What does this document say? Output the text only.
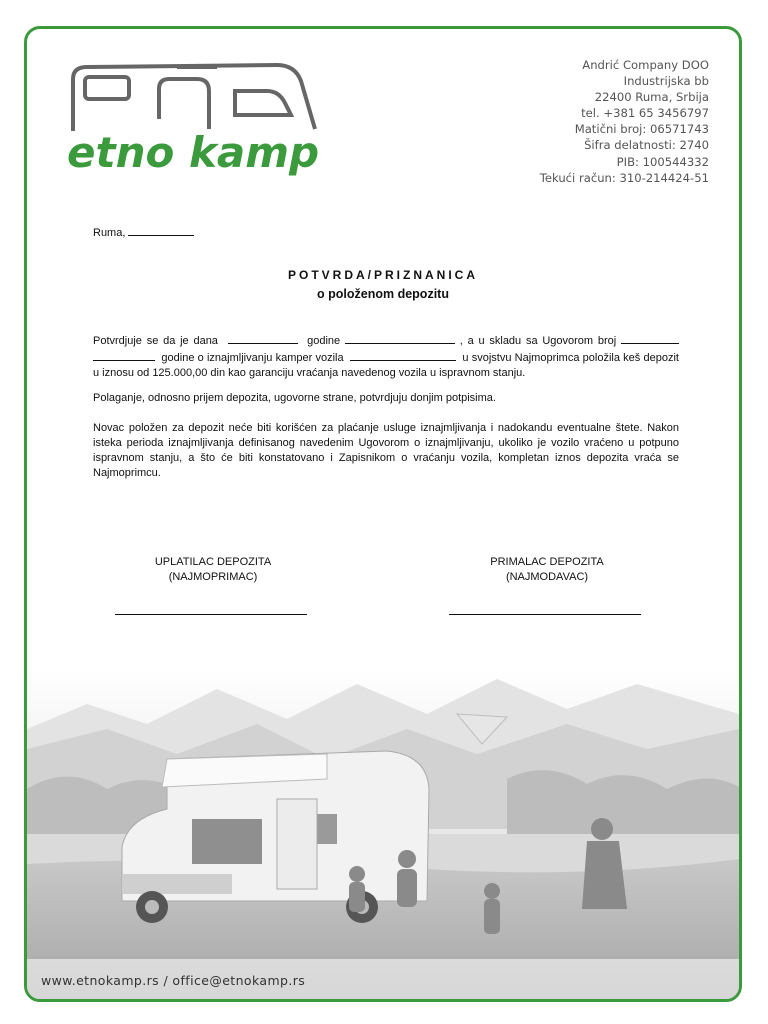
etno kamp
Andrić Company DOO
Industrijska bb
22400 Ruma, Srbija
tel. +381 65 3456797
Matični broj: 06571743
Šifra delatnosti: 2740
PIB: 100544332
Tekući račun: 310-214424-51
Ruma,
POTVRDA/PRIZNANICA
o položenom depozitu
Potvrdjuje se da je dana	godine	, a u skladu sa Ugovorom broj    godine o iznajmljivanju kamper vozila	u svojstvu Najmoprimca položila keš depozit u iznosu od 125.000,00 din kao garanciju vraćanja navedenog vozila u ispravnom stanju.
Polaganje, odnosno prijem depozita, ugovorne strane, potvrdjuju donjim potpisima.
Novac položen za depozit neće biti korišćen za plaćanje usluge iznajmljivanja i nadokandu eventualne štete. Nakon isteka perioda iznajmljivanja definisanog navedenim Ugovorom o iznajmljivanju, ukoliko je vozilo vraćeno u potpuno ispravnom stanju, a što će biti konstatovano i Zapisnikom o vraćanju vozila, kompletan iznos depozita vraća se Najmoprimcu.
UPLATILAC DEPOZITA
(NAJMOPRIMAC)
PRIMALAC DEPOZITA
(NAJMODAVAC)
www.etnokamp.rs / office@etnokamp.rs
